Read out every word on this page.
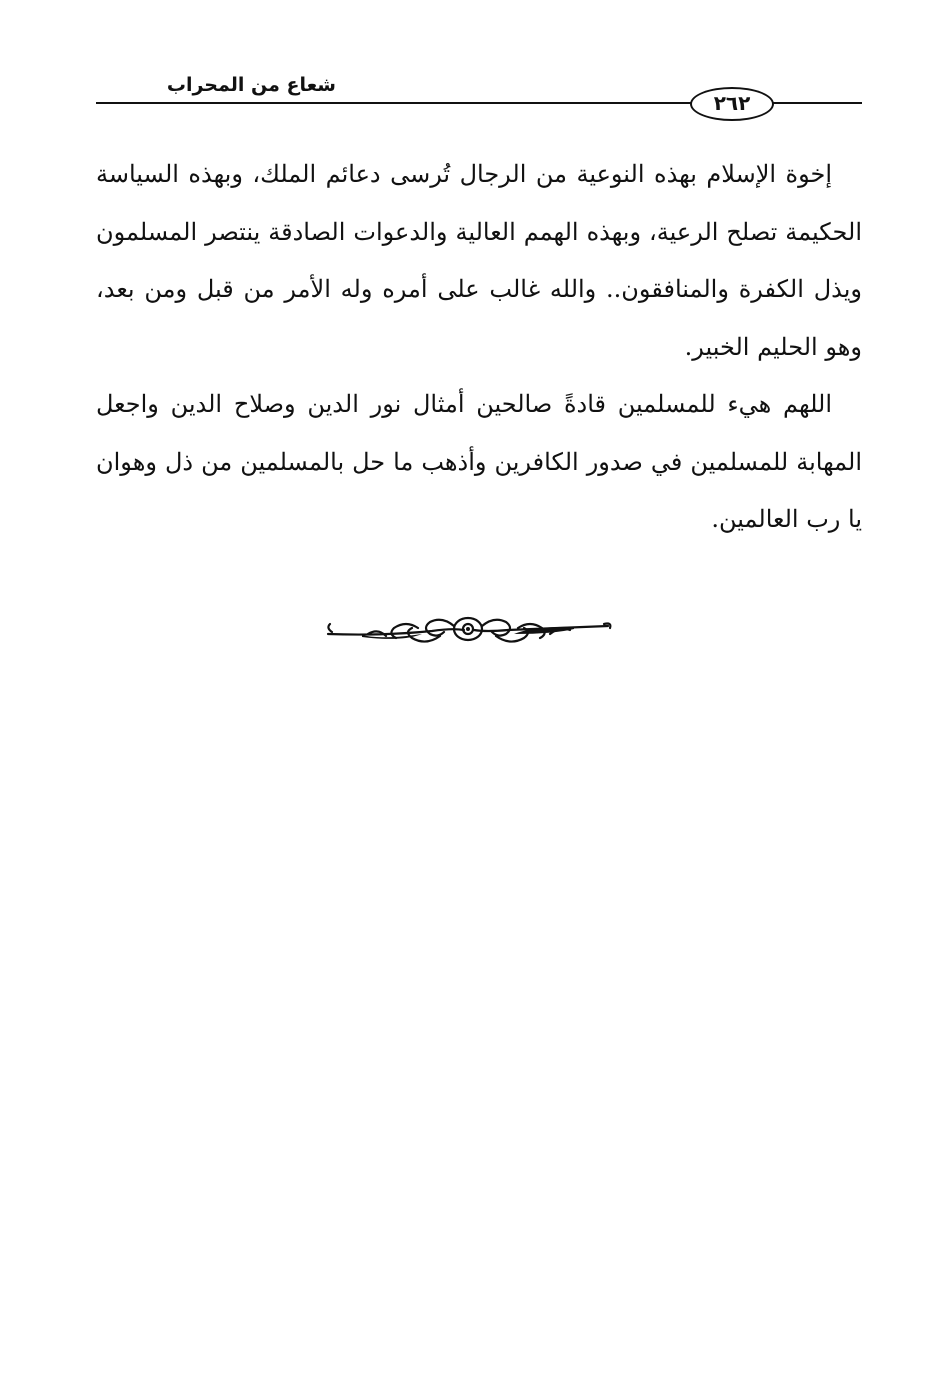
شعاع من المحراب
٢٦٢

إخوة الإسلام بهذه النوعية من الرجال تُرسى دعائم الملك، وبهذه السياسة الحكيمة تصلح الرعية، وبهذه الهمم العالية والدعوات الصادقة ينتصر المسلمون ويذل الكفرة والمنافقون.. والله غالب على أمره وله الأمر من قبل ومن بعد، وهو الحليم الخبير.

اللهم هيء للمسلمين قادةً صالحين أمثال نور الدين وصلاح الدين واجعل المهابة للمسلمين في صدور الكافرين وأذهب ما حل بالمسلمين من ذل وهوان يا رب العالمين.
